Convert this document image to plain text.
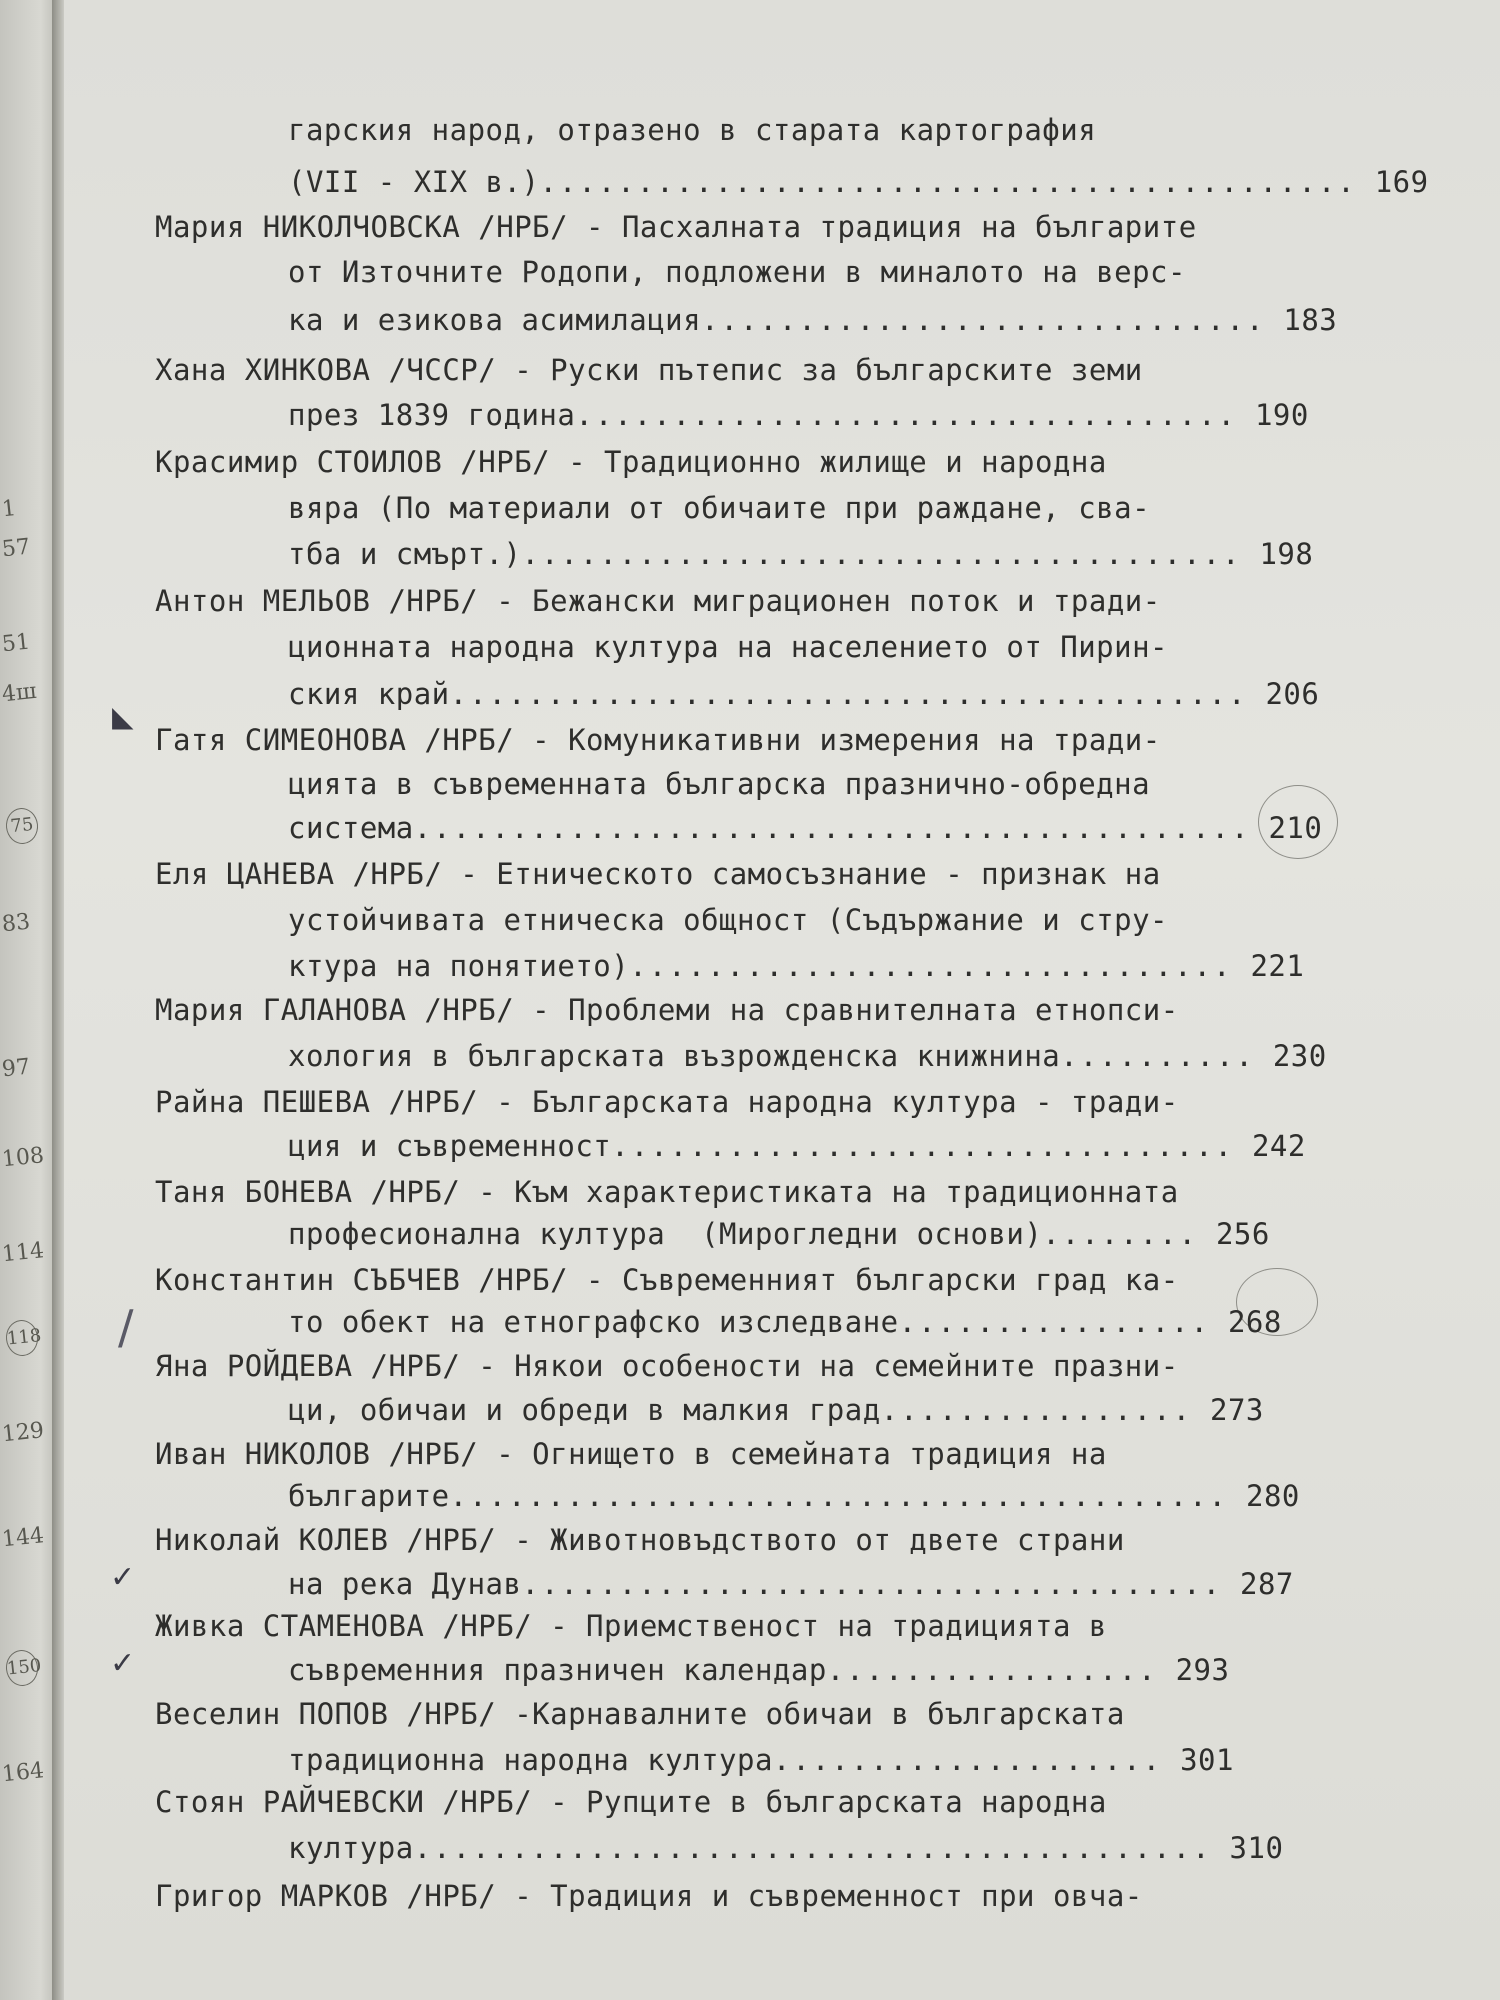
1
57
51
4ш
75
83
97
108
114
118
129
144
150
164
◣
/
✓
✓
гарския народ, отразено в старата картография
(VII - XIX в.).......................................... 169
Мария НИКОЛЧОВСКА /НРБ/ - Пасхалната традиция на българите
от Източните Родопи, подложени в миналото на верс-
ка и езикова асимилация............................. 183
Хана ХИНКОВА /ЧССР/ - Руски пътепис за българските земи
през 1839 година.................................. 190
Красимир СТОИЛОВ /НРБ/ - Традиционно жилище и народна
вяра (По материали от обичаите при раждане, сва-
тба и смърт.)..................................... 198
Антон МЕЛЬОВ /НРБ/ - Бежански миграционен поток и тради-
ционната народна култура на населението от Пирин-
ския край......................................... 206
Гатя СИМЕОНОВА /НРБ/ - Комуникативни измерения на тради-
цията в съвременната българска празнично-обредна
система........................................... 210
Еля ЦАНЕВА /НРБ/ - Етническото самосъзнание - признак на
устойчивата етническа общност (Съдържание и стру-
ктура на понятието)............................... 221
Мария ГАЛАНОВА /НРБ/ - Проблеми на сравнителната етнопси-
хология в българската възрожденска книжнина.......... 230
Райна ПЕШЕВА /НРБ/ - Българската народна култура - тради-
ция и съвременност................................ 242
Таня БОНЕВА /НРБ/ - Към характеристиката на традиционната
професионална култура  (Мирогледни основи)........ 256
Константин СЪБЧЕВ /НРБ/ - Съвременният български град ка-
то обект на етнографско изследване................ 268
Яна РОЙДЕВА /НРБ/ - Някои особености на семейните празни-
ци, обичаи и обреди в малкия град................ 273
Иван НИКОЛОВ /НРБ/ - Огнището в семейната традиция на
българите........................................ 280
Николай КОЛЕВ /НРБ/ - Животновъдството от двете страни
на река Дунав.................................... 287
Живка СТАМЕНОВА /НРБ/ - Приемственост на традицията в
съвременния празничен календар................. 293
Веселин ПОПОВ /НРБ/ -Карнавалните обичаи в българската
традиционна народна култура.................... 301
Стоян РАЙЧЕВСКИ /НРБ/ - Рупците в българската народна
култура......................................... 310
Григор МАРКОВ /НРБ/ - Традиция и съвременност при овча-
